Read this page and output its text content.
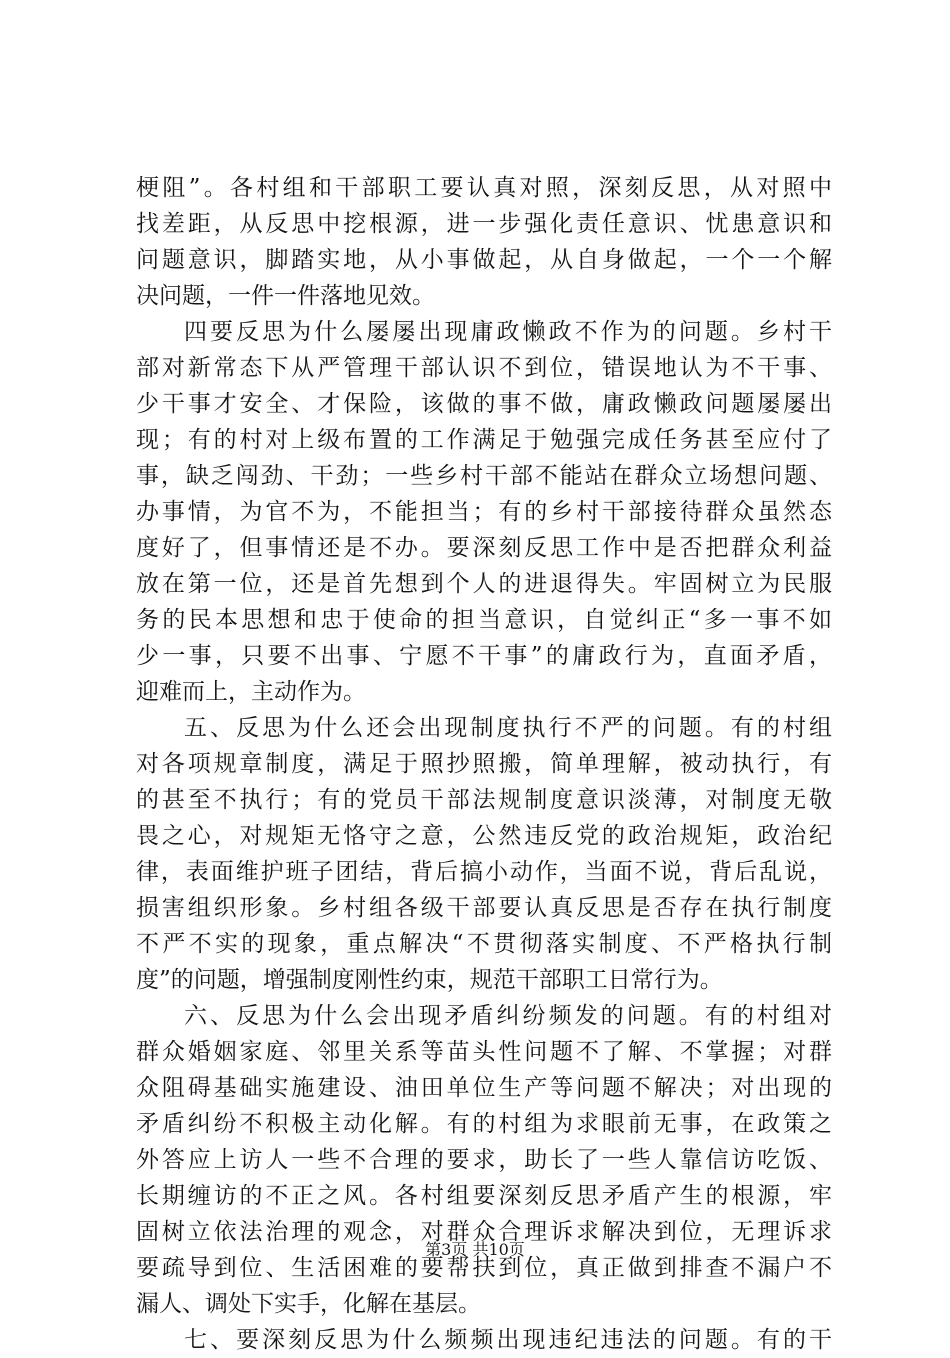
梗阻”。各村组和干部职工要认真对照，深刻反思，从对照中
找差距，从反思中挖根源，进一步强化责任意识、忧患意识和
问题意识，脚踏实地，从小事做起，从自身做起，一个一个解
决问题，一件一件落地见效。
四要反思为什么屡屡出现庸政懒政不作为的问题。乡村干
部对新常态下从严管理干部认识不到位，错误地认为不干事、
少干事才安全、才保险，该做的事不做，庸政懒政问题屡屡出
现；有的村对上级布置的工作满足于勉强完成任务甚至应付了
事，缺乏闯劲、干劲；一些乡村干部不能站在群众立场想问题、
办事情，为官不为，不能担当；有的乡村干部接待群众虽然态
度好了，但事情还是不办。要深刻反思工作中是否把群众利益
放在第一位，还是首先想到个人的进退得失。牢固树立为民服
务的民本思想和忠于使命的担当意识，自觉纠正“多一事不如
少一事，只要不出事、宁愿不干事”的庸政行为，直面矛盾，
迎难而上，主动作为。
五、反思为什么还会出现制度执行不严的问题。有的村组
对各项规章制度，满足于照抄照搬，简单理解，被动执行，有
的甚至不执行；有的党员干部法规制度意识淡薄，对制度无敬
畏之心，对规矩无恪守之意，公然违反党的政治规矩，政治纪
律，表面维护班子团结，背后搞小动作，当面不说，背后乱说，
损害组织形象。乡村组各级干部要认真反思是否存在执行制度
不严不实的现象，重点解决“不贯彻落实制度、不严格执行制
度”的问题，增强制度刚性约束，规范干部职工日常行为。
六、反思为什么会出现矛盾纠纷频发的问题。有的村组对
群众婚姻家庭、邻里关系等苗头性问题不了解、不掌握；对群
众阻碍基础实施建设、油田单位生产等问题不解决；对出现的
矛盾纠纷不积极主动化解。有的村组为求眼前无事，在政策之
外答应上访人一些不合理的要求，助长了一些人靠信访吃饭、
长期缠访的不正之风。各村组要深刻反思矛盾产生的根源，牢
固树立依法治理的观念，对群众合理诉求解决到位，无理诉求
要疏导到位、生活困难的要帮扶到位，真正做到排查不漏户不
漏人、调处下实手，化解在基层。
七、要深刻反思为什么频频出现违纪违法的问题。有的干
第3页 共10页
